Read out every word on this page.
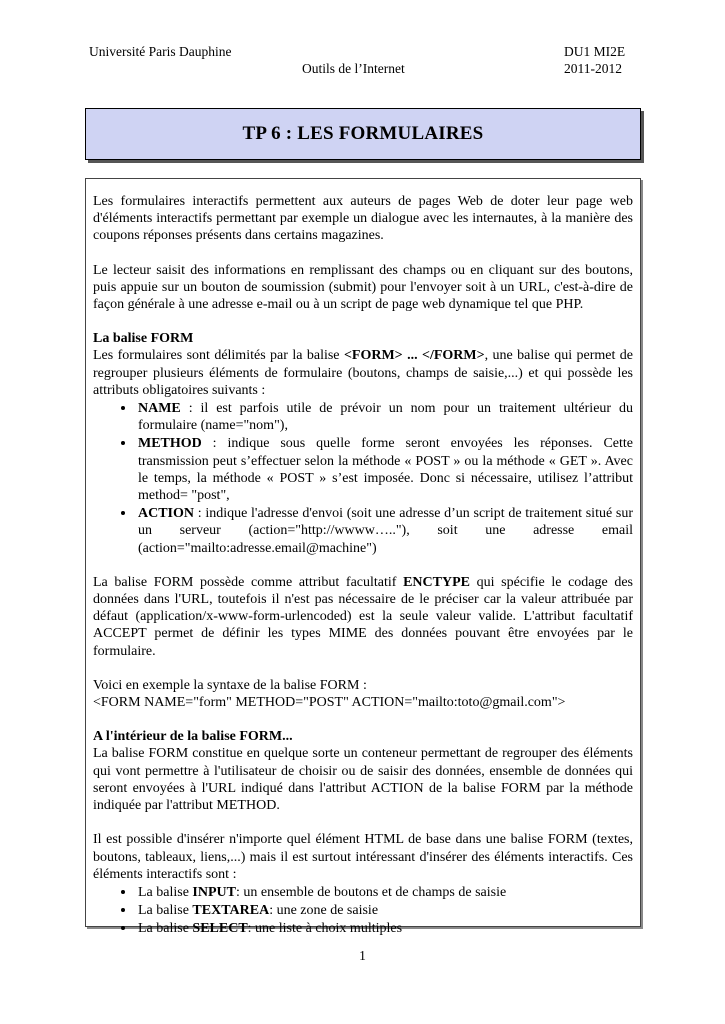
Université Paris Dauphine	DU1 MI2E
Outils de l’Internet	2011-2012
TP 6 : LES FORMULAIRES

Les formulaires interactifs permettent aux auteurs de pages Web de doter leur page web d'éléments interactifs permettant par exemple un dialogue avec les internautes, à la manière des coupons réponses présents dans certains magazines.

Le lecteur saisit des informations en remplissant des champs ou en cliquant sur des boutons, puis appuie sur un bouton de soumission (submit) pour l'envoyer soit à un URL, c'est-à-dire de façon générale à une adresse e-mail ou à un script de page web dynamique tel que PHP.

La balise FORM

Les formulaires sont délimités par la balise <FORM> ... </FORM>, une balise qui permet de regrouper plusieurs éléments de formulaire (boutons, champs de saisie,...) et qui possède les attributs obligatoires suivants :

• NAME : il est parfois utile de prévoir un nom pour un traitement ultérieur du formulaire (name="nom"),
• METHOD : indique sous quelle forme seront envoyées les réponses. Cette transmission peut s’effectuer selon la méthode « POST » ou la méthode « GET ». Avec le temps, la méthode « POST » s’est imposée. Donc si nécessaire, utilisez l’attribut method= "post",
• ACTION : indique l'adresse d'envoi (soit une adresse d’un script de traitement situé sur un serveur (action="http://wwww….."), soit une adresse email (action="mailto:adresse.email@machine")

La balise FORM possède comme attribut facultatif ENCTYPE qui spécifie le codage des données dans l'URL, toutefois il n'est pas nécessaire de le préciser car la valeur attribuée par défaut (application/x-www-form-urlencoded) est la seule valeur valide. L'attribut facultatif ACCEPT permet de définir les types MIME des données pouvant être envoyées par le formulaire.

Voici en exemple la syntaxe de la balise FORM :
<FORM NAME="form" METHOD="POST" ACTION="mailto:toto@gmail.com">

A l'intérieur de la balise FORM...

La balise FORM constitue en quelque sorte un conteneur permettant de regrouper des éléments qui vont permettre à l'utilisateur de choisir ou de saisir des données, ensemble de données qui seront envoyées à l'URL indiqué dans l'attribut ACTION de la balise FORM par la méthode indiquée par l'attribut METHOD.

Il est possible d'insérer n'importe quel élément HTML de base dans une balise FORM (textes, boutons, tableaux, liens,...) mais il est surtout intéressant d'insérer des éléments interactifs. Ces éléments interactifs sont :

• La balise INPUT: un ensemble de boutons et de champs de saisie
• La balise TEXTAREA: une zone de saisie
• La balise SELECT: une liste à choix multiples
1
